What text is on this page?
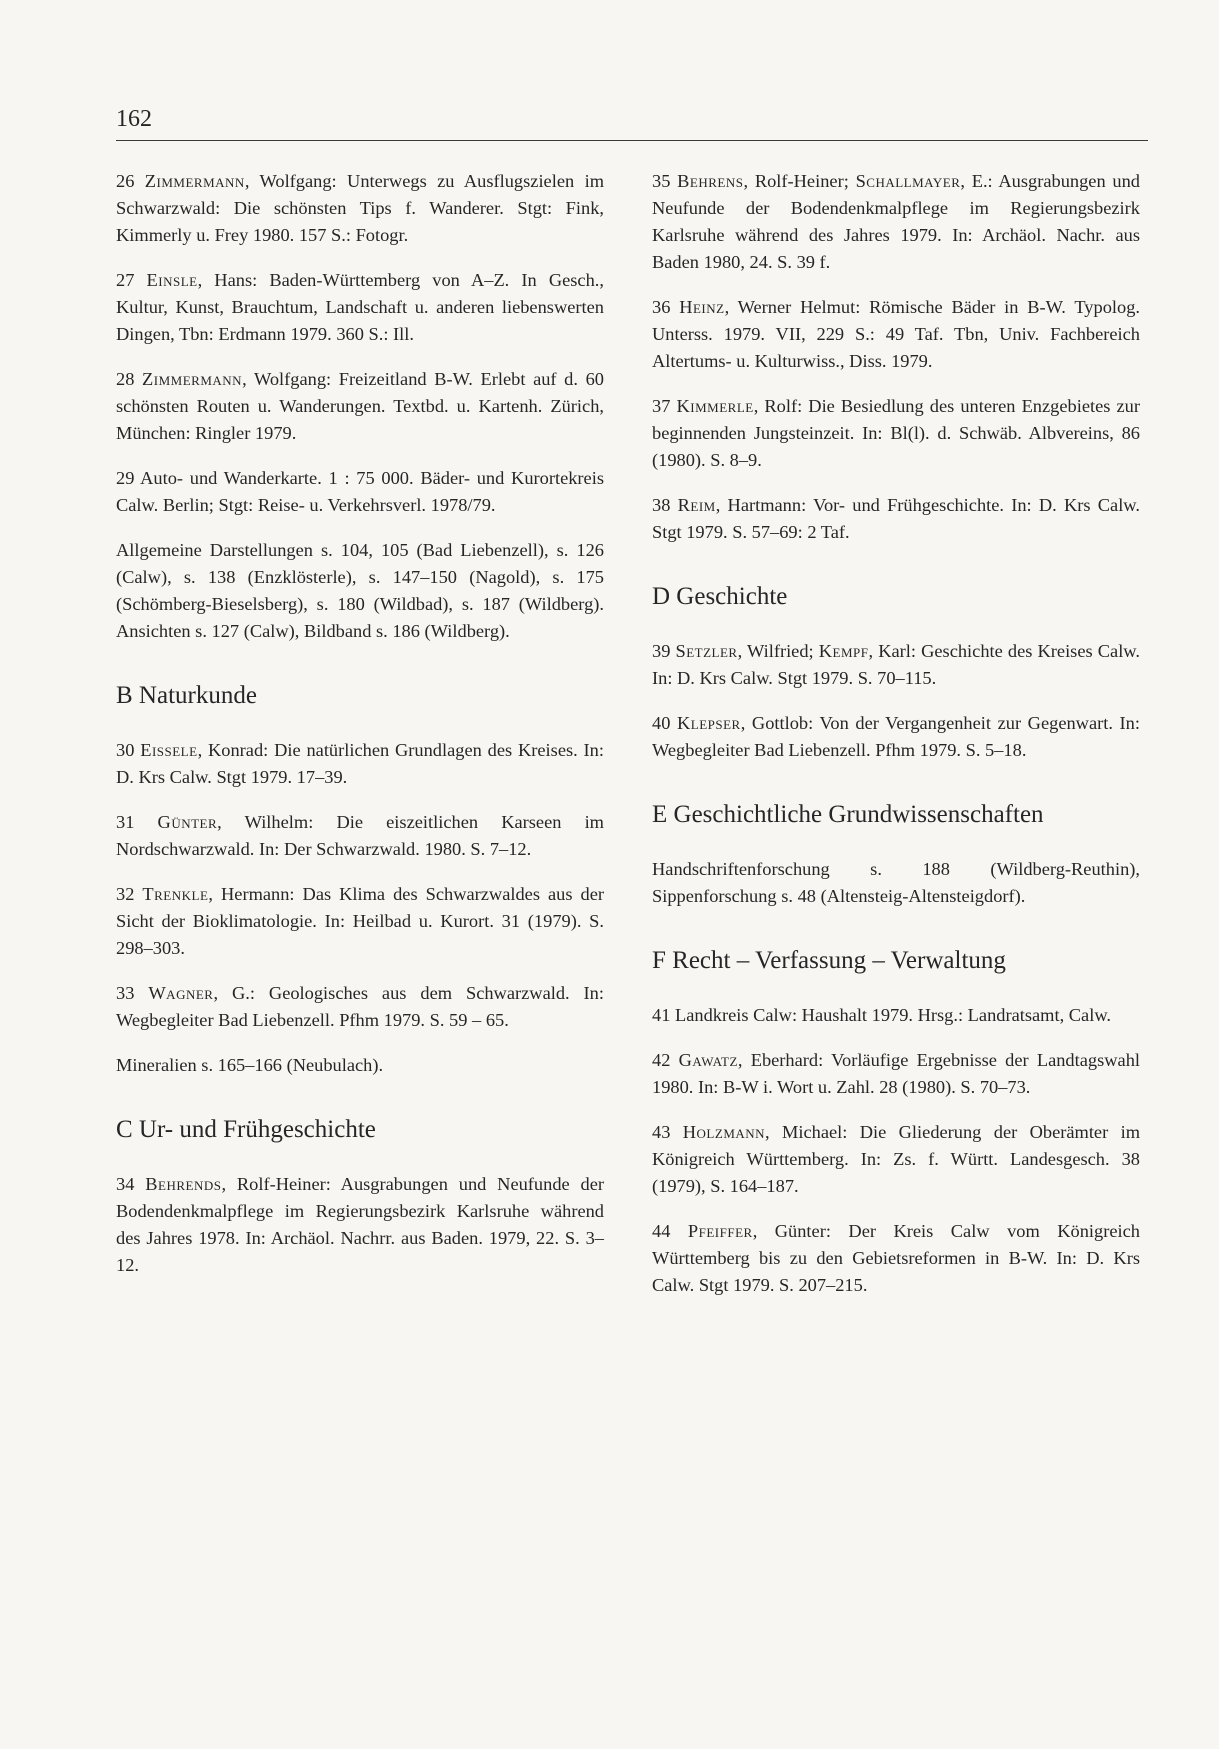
162

26 Zimmermann, Wolfgang: Unterwegs zu Ausflugszielen im Schwarzwald: Die schönsten Tips f. Wanderer. Stgt: Fink, Kimmerly u. Frey 1980. 157 S.: Fotogr.

27 Einsle, Hans: Baden-Württemberg von A–Z. In Gesch., Kultur, Kunst, Brauchtum, Landschaft u. anderen liebenswerten Dingen, Tbn: Erdmann 1979. 360 S.: Ill.

28 Zimmermann, Wolfgang: Freizeitland B-W. Erlebt auf d. 60 schönsten Routen u. Wanderungen. Textbd. u. Kartenh. Zürich, München: Ringler 1979.

29 Auto- und Wanderkarte. 1 : 75 000. Bäder- und Kurortekreis Calw. Berlin; Stgt: Reise- u. Verkehrsverl. 1978/79.

Allgemeine Darstellungen s. 104, 105 (Bad Liebenzell), s. 126 (Calw), s. 138 (Enzklösterle), s. 147–150 (Nagold), s. 175 (Schömberg-Bieselsberg), s. 180 (Wildbad), s. 187 (Wildberg). Ansichten s. 127 (Calw), Bildband s. 186 (Wildberg).

B Naturkunde

30 Eissele, Konrad: Die natürlichen Grundlagen des Kreises. In: D. Krs Calw. Stgt 1979. 17–39.

31 Günter, Wilhelm: Die eiszeitlichen Karseen im Nordschwarzwald. In: Der Schwarzwald. 1980. S. 7–12.

32 Trenkle, Hermann: Das Klima des Schwarzwaldes aus der Sicht der Bioklimatologie. In: Heilbad u. Kurort. 31 (1979). S. 298–303.

33 Wagner, G.: Geologisches aus dem Schwarzwald. In: Wegbegleiter Bad Liebenzell. Pfhm 1979. S. 59 – 65.

Mineralien s. 165–166 (Neubulach).

C Ur- und Frühgeschichte

34 Behrends, Rolf-Heiner: Ausgrabungen und Neufunde der Bodendenkmalpflege im Regierungsbezirk Karlsruhe während des Jahres 1978. In: Archäol. Nachrr. aus Baden. 1979, 22. S. 3–12.

35 Behrens, Rolf-Heiner; Schallmayer, E.: Ausgrabungen und Neufunde der Bodendenkmalpflege im Regierungsbezirk Karlsruhe während des Jahres 1979. In: Archäol. Nachr. aus Baden 1980, 24. S. 39 f.

36 Heinz, Werner Helmut: Römische Bäder in B-W. Typolog. Unterss. 1979. VII, 229 S.: 49 Taf. Tbn, Univ. Fachbereich Altertums- u. Kulturwiss., Diss. 1979.

37 Kimmerle, Rolf: Die Besiedlung des unteren Enzgebietes zur beginnenden Jungsteinzeit. In: Bl(l). d. Schwäb. Albvereins, 86 (1980). S. 8–9.

38 Reim, Hartmann: Vor- und Frühgeschichte. In: D. Krs Calw. Stgt 1979. S. 57–69: 2 Taf.

D Geschichte

39 Setzler, Wilfried; Kempf, Karl: Geschichte des Kreises Calw. In: D. Krs Calw. Stgt 1979. S. 70–115.

40 Klepser, Gottlob: Von der Vergangenheit zur Gegenwart. In: Wegbegleiter Bad Liebenzell. Pfhm 1979. S. 5–18.

E Geschichtliche Grundwissenschaften

Handschriftenforschung s. 188 (Wildberg-Reuthin), Sippenforschung s. 48 (Altensteig-Altensteigdorf).

F Recht – Verfassung – Verwaltung

41 Landkreis Calw: Haushalt 1979. Hrsg.: Landratsamt, Calw.

42 Gawatz, Eberhard: Vorläufige Ergebnisse der Landtagswahl 1980. In: B-W i. Wort u. Zahl. 28 (1980). S. 70–73.

43 Holzmann, Michael: Die Gliederung der Oberämter im Königreich Württemberg. In: Zs. f. Württ. Landesgesch. 38 (1979), S. 164–187.

44 Pfeiffer, Günter: Der Kreis Calw vom Königreich Württemberg bis zu den Gebietsreformen in B-W. In: D. Krs Calw. Stgt 1979. S. 207–215.
